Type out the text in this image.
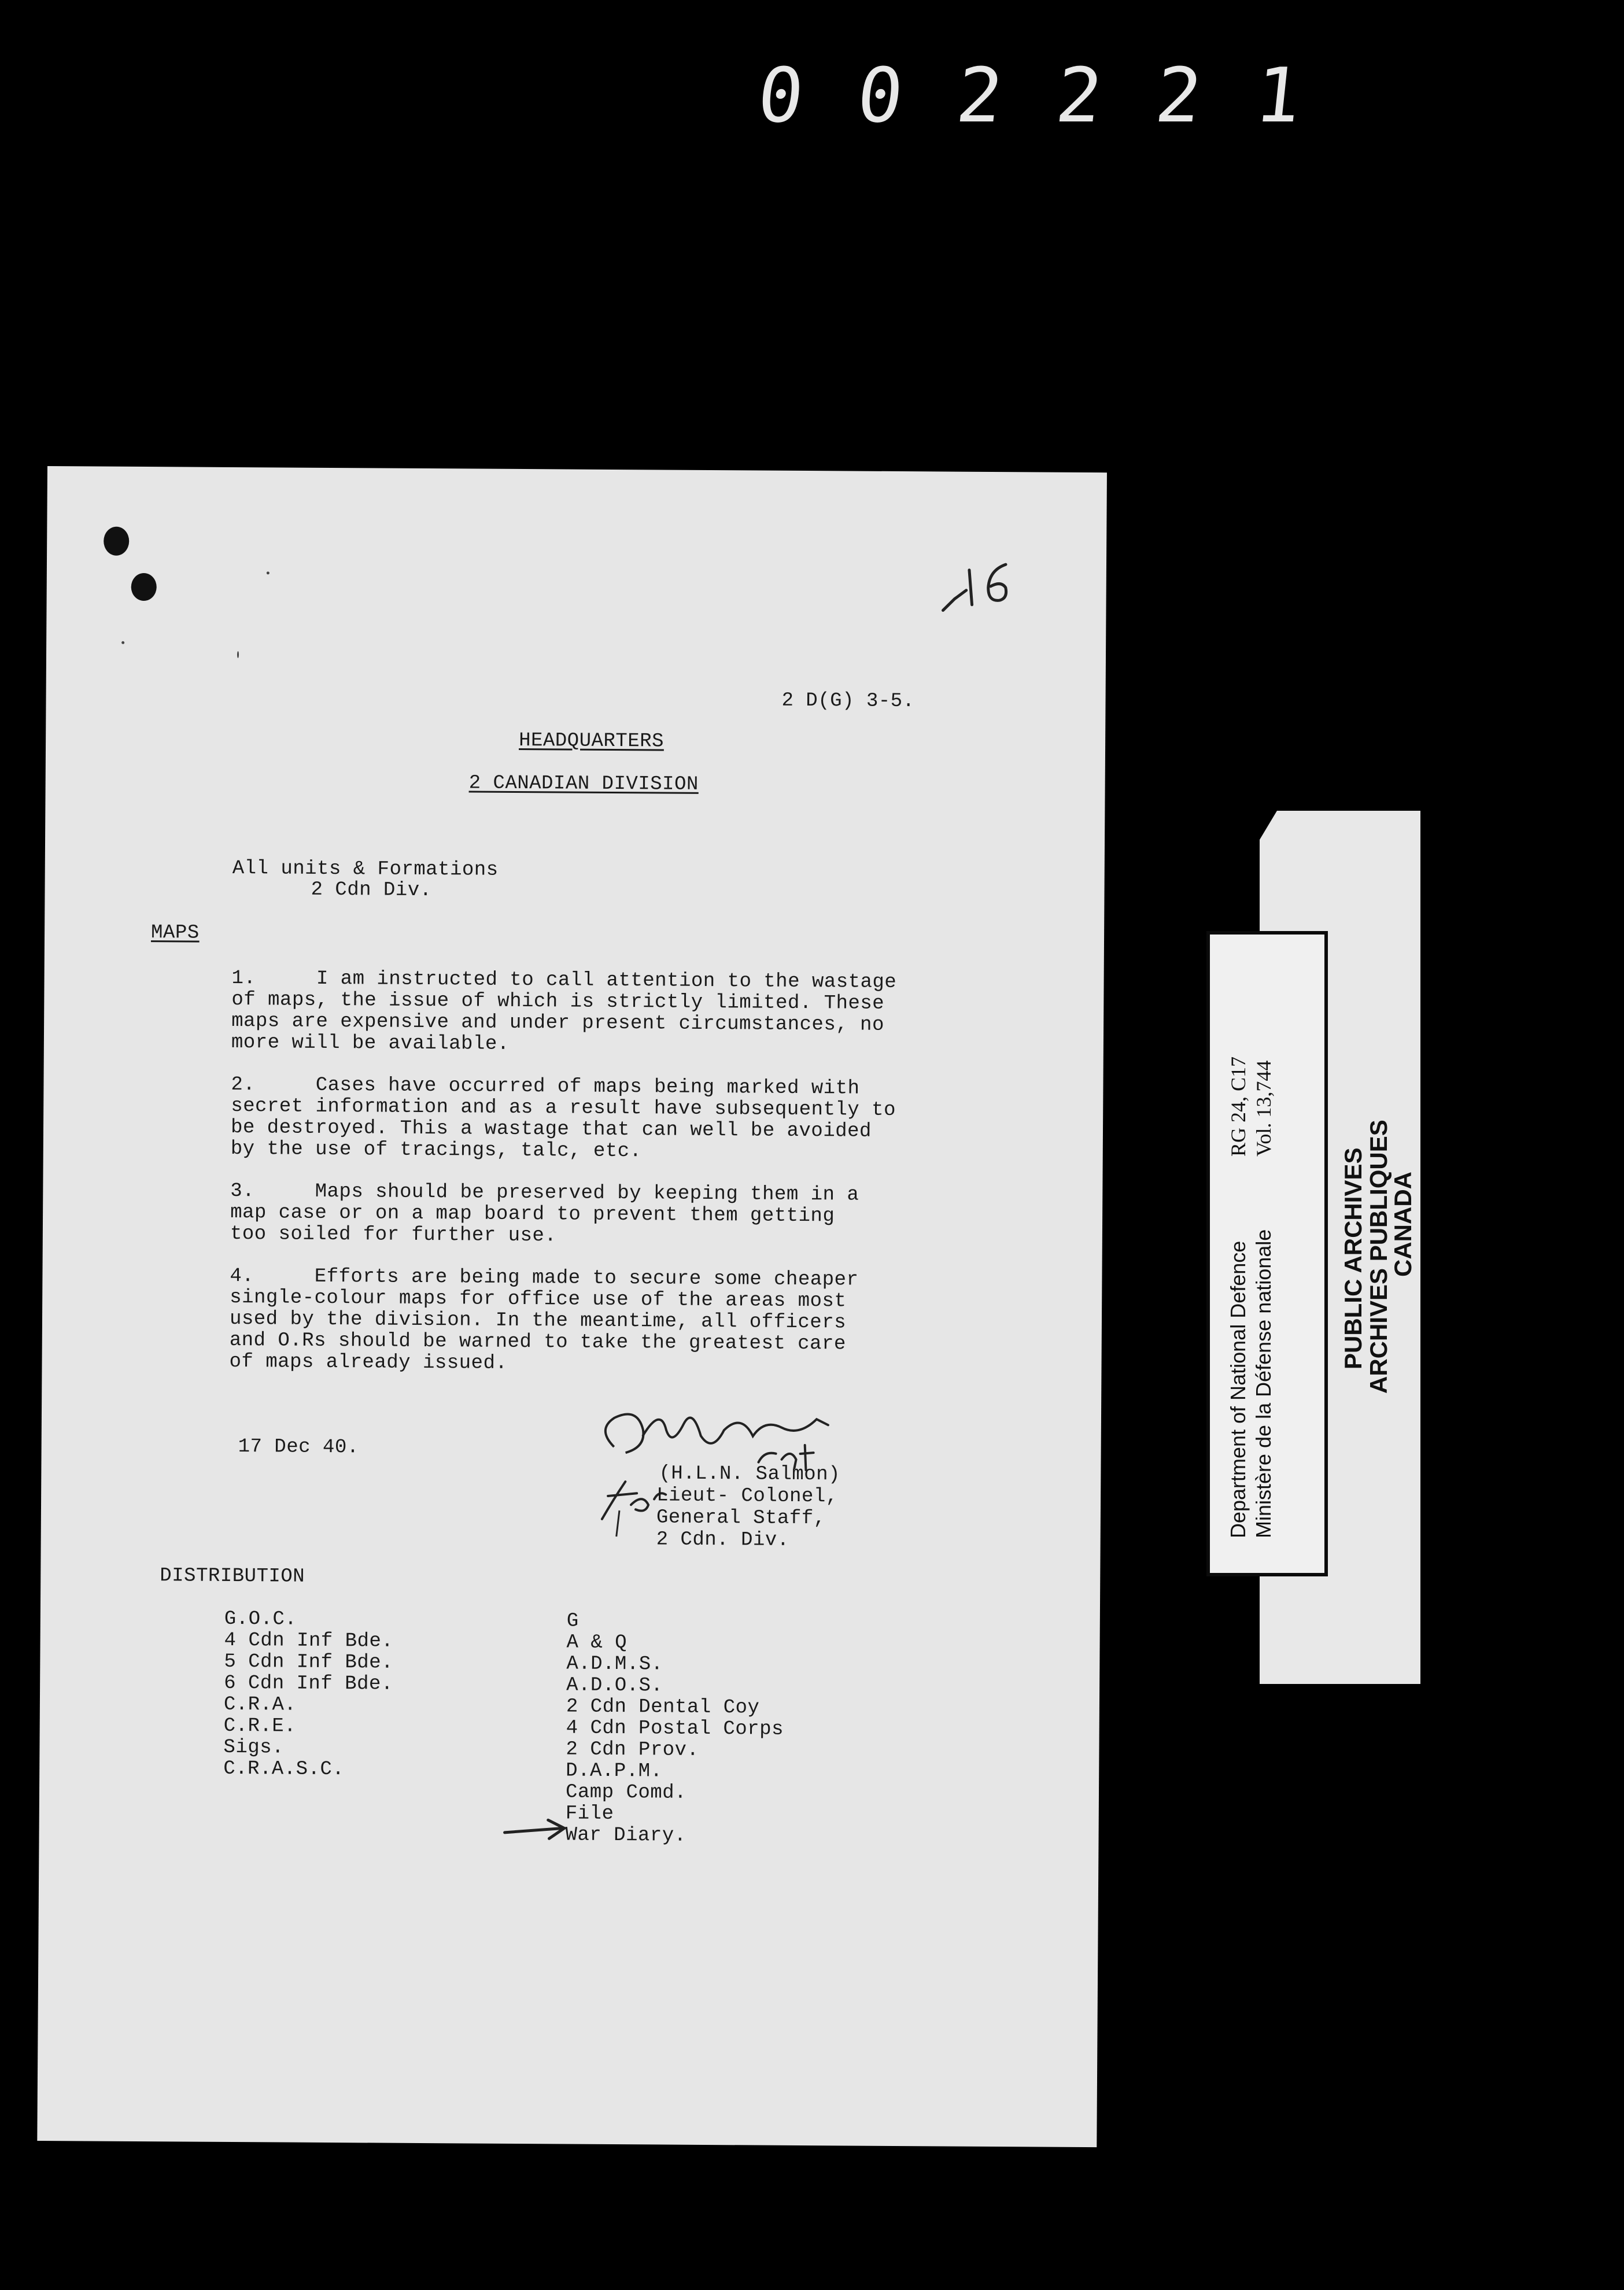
0 0 2 2 2 1
2 D(G) 3-5.
HEADQUARTERS
2 CANADIAN DIVISION
All units & Formations
2 Cdn Div.
MAPS
1.     I am instructed to call attention to the wastage
of maps, the issue of which is strictly limited. These
maps are expensive and under present circumstances, no
more will be available.
2.     Cases have occurred of maps being marked with
secret information and as a result have subsequently to
be destroyed. This a wastage that can well be avoided
by the use of tracings, talc, etc.
3.     Maps should be preserved by keeping them in a
map case or on a map board to prevent them getting
too soiled for further use.
4.     Efforts are being made to secure some cheaper
single-colour maps for office use of the areas most
used by the division. In the meantime, all officers
and O.Rs should be warned to take the greatest care
of maps already issued.
17 Dec 40.
(H.L.N. Salmon)
Lieut- Colonel,
General Staff,
2 Cdn. Div.
DISTRIBUTION
G.O.C.
4 Cdn Inf Bde.
5 Cdn Inf Bde.
6 Cdn Inf Bde.
C.R.A.
C.R.E.
Sigs.
C.R.A.S.C.
G
A & Q
A.D.M.S.
A.D.O.S.
2 Cdn Dental Coy
4 Cdn Postal Corps
2 Cdn Prov.
D.A.P.M.
Camp Comd.
File
War Diary.
Department of National Defence Ministère de la Défense nationale
RG 24, C17 Vol. 13,744
PUBLIC ARCHIVES
ARCHIVES PUBLIQUES
CANADA
